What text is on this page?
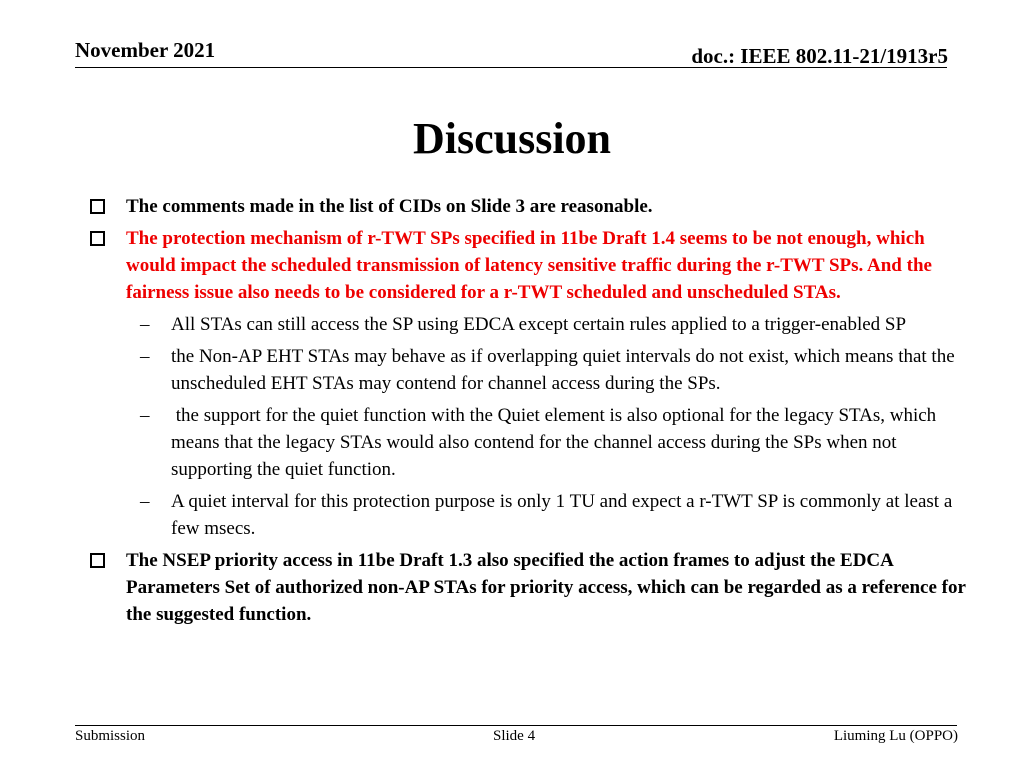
November 2021	doc.: IEEE 802.11-21/1913r5
Discussion
The comments made in the list of CIDs on Slide 3 are reasonable.
The protection mechanism of r-TWT SPs specified in 11be Draft 1.4 seems to be not enough, which would impact the scheduled transmission of latency sensitive traffic during the r-TWT SPs. And the fairness issue also needs to be considered for a r-TWT scheduled and unscheduled STAs.
– All STAs can still access the SP using EDCA except certain rules applied to a trigger-enabled SP
– the Non-AP EHT STAs may behave as if overlapping quiet intervals do not exist, which means that the unscheduled EHT STAs may contend for channel access during the SPs.
– the support for the quiet function with the Quiet element is also optional for the legacy STAs, which means that the legacy STAs would also contend for the channel access during the SPs when not supporting the quiet function.
– A quiet interval for this protection purpose is only 1 TU and expect a r-TWT SP is commonly at least a few msecs.
The NSEP priority access in 11be Draft 1.3 also specified the action frames to adjust the EDCA Parameters Set of authorized non-AP STAs for priority access, which can be regarded as a reference for the suggested function.
Submission	Slide 4	Liuming Lu (OPPO)
